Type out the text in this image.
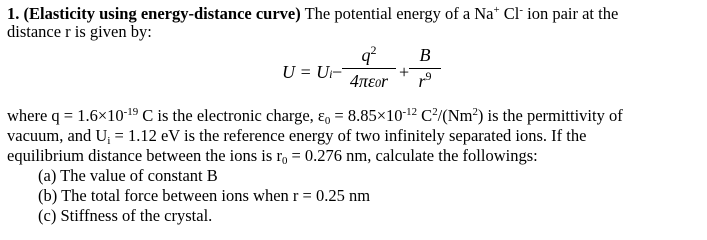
1. (Elasticity using energy-distance curve) The potential energy of a Na+ Cl- ion pair at the
distance r is given by:
U = Ui −
$q^2$
4πε0r +
B
$r^9$
where $q = 1.6\times 10^{-19}$ C is the electronic charge, $\varepsilon_0 = 8.85\times 10^{-12}$ $C^2/(Nm^2)$ is the permittivity of
vacuum, and $U_i = 1.12$ eV is the reference energy of two infinitely separated ions. If the
equilibrium distance between the ions is $r_0 = 0.276$ nm, calculate the followings:
(a) The value of constant B
(b) The total force between ions when r = 0.25 nm
(c) Stiffness of the crystal.
